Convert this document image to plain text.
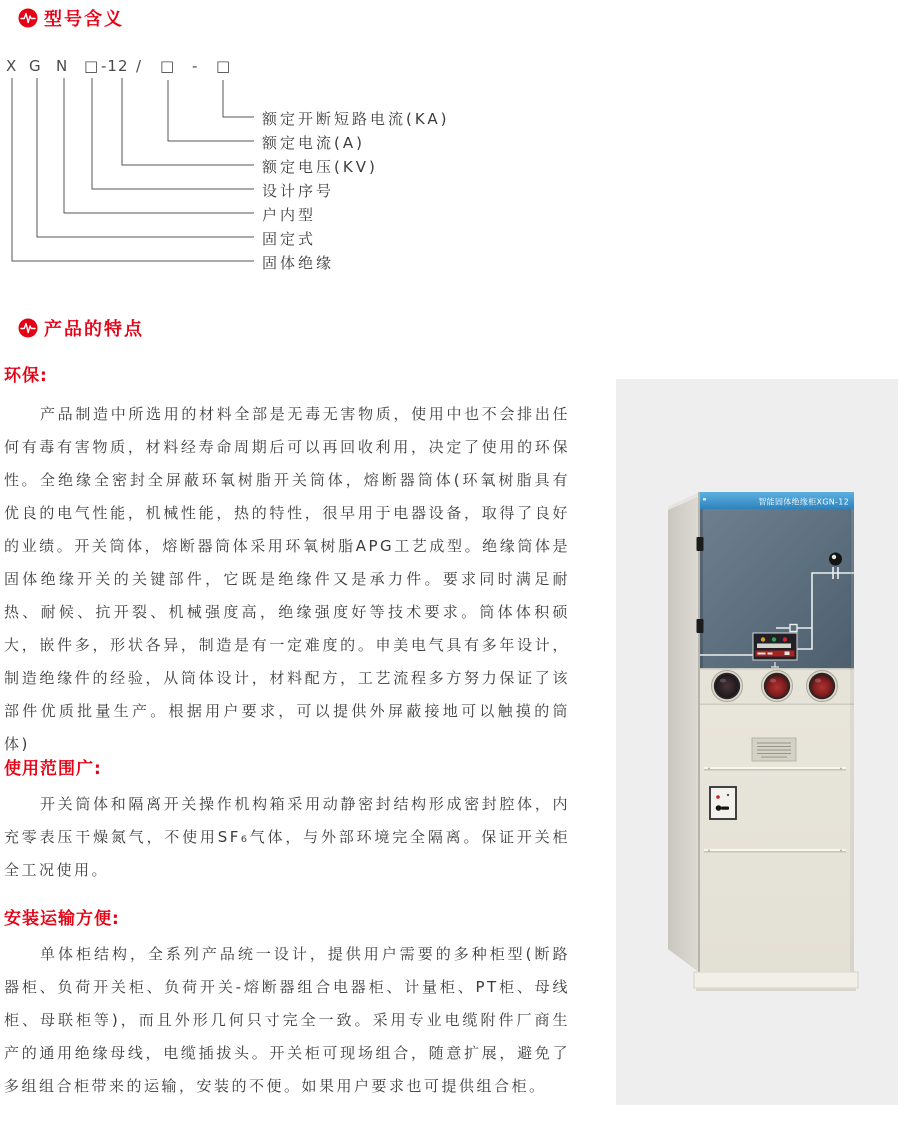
型号含义
X G N □ -12 / □ - □
额定开断短路电流(KA)
额定电流(A)
额定电压(KV)
设计序号
户内型
固定式
固体绝缘
产品的特点
环保:

产品制造中所选用的材料全部是无毒无害物质，使用中也不会排出任何有毒有害物质，材料经寿命周期后可以再回收利用，决定了使用的环保性。 全绝缘全密封全屏蔽环氧树脂开关筒体，熔断器筒体(环氧树脂具有优良的电气性能，机械性能，热的特性，很早用于电器设备，取得了良好的业绩。开关筒体，熔断器筒体采用环氧树脂APG工艺成型。绝缘筒体是固体绝缘开关的关键部件，它既是绝缘件又是承力件。要求同时满足耐热、耐候、抗开裂、机械强度高，绝缘强度好等技术要求。筒体体积硕大，嵌件多，形状各异，制造是有一定难度的。申美电气具有多年设计，制造绝缘件的经验，从筒体设计，材料配方，工艺流程多方努力保证了该部件优质批量生产。根据用户要求，可以提供外屏蔽接地可以触摸的筒体)

使用范围广:

开关筒体和隔离开关操作机构箱采用动静密封结构形成密封腔体，内充零表压干燥氮气，不使用SF₆气体，与外部环境完全隔离。保证开关柜全工况使用。

安装运输方便:

单体柜结构，全系列产品统一设计，提供用户需要的多种柜型(断路器柜、负荷开关柜、负荷开关-熔断器组合电器柜、计量柜、PT柜、母线柜、母联柜等)，而且外形几何只寸完全一致。采用专业电缆附件厂商生产的通用绝缘母线，电缆插拔头。开关柜可现场组合，随意扩展，避免了多组组合柜带来的运输，安装的不便。如果用户要求也可提供组合柜。

智能固体绝缘柜XGN-12
